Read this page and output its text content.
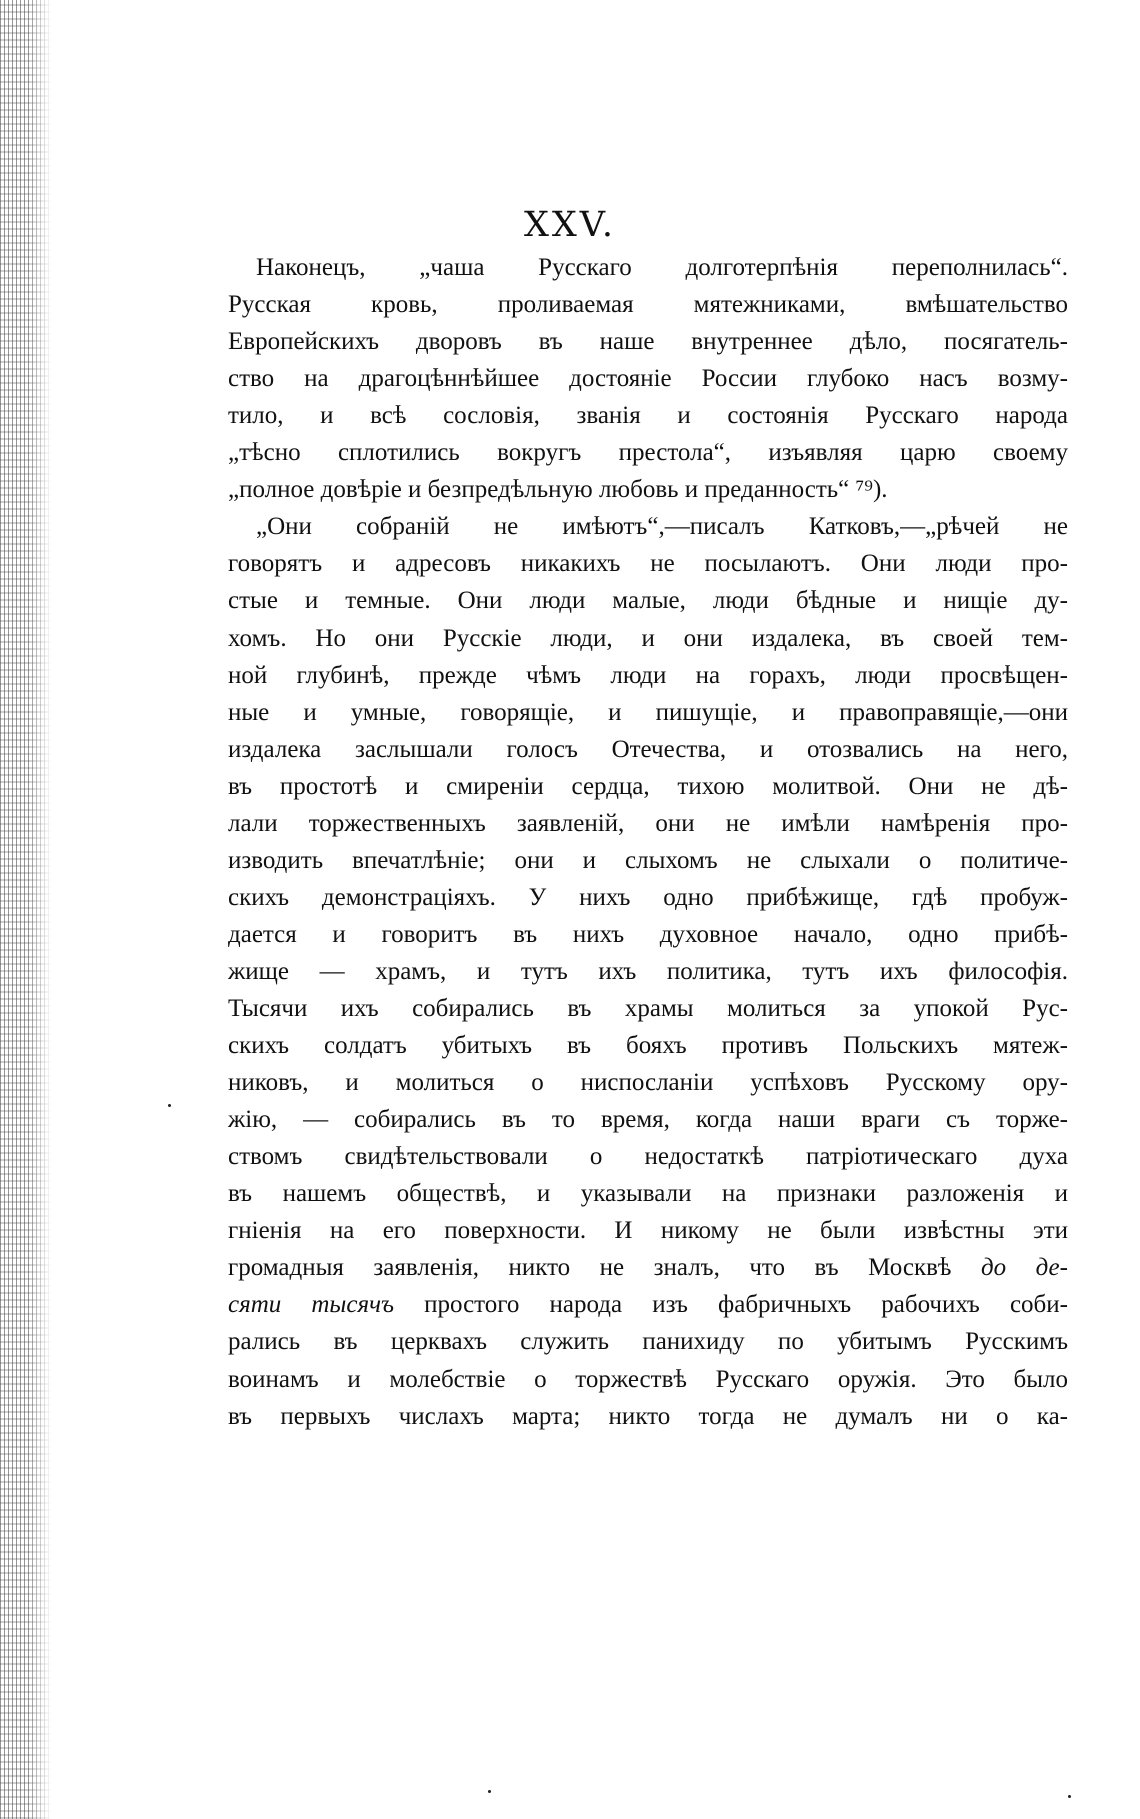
XXV.
Наконецъ, „чаша Русскаго долготерпѣнія переполнилась“.
Русская кровь, проливаемая мятежниками, вмѣшательство
Европейскихъ дворовъ въ наше внутреннее дѣло, посягатель-
ство на драгоцѣннѣйшее достояніе России глубоко насъ возму-
тило, и всѣ сословія, званія и состоянія Русскаго народа
„тѣсно сплотились вокругъ престола“, изъявляя царю своему
„полное довѣріе и безпредѣльную любовь и преданность“ ⁷⁹).
„Они собраній не имѣютъ“,—писалъ Катковъ,—„рѣчей не
говорятъ и адресовъ никакихъ не посылаютъ. Они люди про-
стые и темные. Они люди малые, люди бѣдные и нищіе ду-
хомъ. Но они Русскіе люди, и они издалека, въ своей тем-
ной глубинѣ, прежде чѣмъ люди на горахъ, люди просвѣщен-
ные и умные, говорящіе, и пишущіе, и правоправящіе,—они
издалека заслышали голосъ Отечества, и отозвались на него,
въ простотѣ и смиреніи сердца, тихою молитвой. Они не дѣ-
лали торжественныхъ заявленій, они не имѣли намѣренія про-
изводить впечатлѣніе; они и слыхомъ не слыхали о политиче-
скихъ демонстраціяхъ. У нихъ одно прибѣжище, гдѣ пробуж-
дается и говоритъ въ нихъ духовное начало, одно прибѣ-
жище — храмъ, и тутъ ихъ политика, тутъ ихъ философія.
Тысячи ихъ собирались въ храмы молиться за упокой Рус-
скихъ солдатъ убитыхъ въ бояхъ противъ Польскихъ мятеж-
никовъ, и молиться о ниспосланіи успѣховъ Русскому ору-
жію, — собирались въ то время, когда наши враги съ торже-
ствомъ свидѣтельствовали о недостаткѣ патріотическаго духа
въ нашемъ обществѣ, и указывали на признаки разложенія и
гніенія на его поверхности. И никому не были извѣстны эти
громадныя заявленія, никто не зналъ, что въ Москвѣ до де-
сяти тысячъ простого народа изъ фабричныхъ рабочихъ соби-
рались въ церквахъ служить панихиду по убитымъ Русскимъ
воинамъ и молебствіе о торжествѣ Русскаго оружія. Это было
въ первыхъ числахъ марта; никто тогда не думалъ ни о ка-
